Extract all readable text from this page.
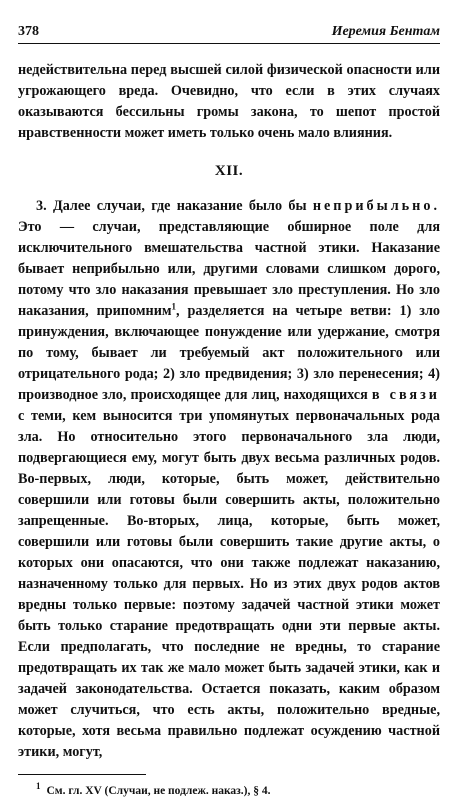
378	Иеремия Бентам

недействительна перед высшей силой физической опасности или угрожающего вреда. Очевидно, что если в этих случаях оказываются бессильны громы закона, то шепот простой нравственности может иметь только очень мало влияния.

XII.

3. Далее случаи, где наказание было бы неприбыльно. Это — случаи, представляющие обширное поле для исключительного вмешательства частной этики. Наказание бывает неприбыльно или, другими словами слишком дорого, потому что зло наказания превышает зло преступления. Но зло наказания, припомним$^1$, разделяется на четыре ветви: 1) зло принуждения, включающее понуждение или удержание, смотря по тому, бывает ли требуемый акт положительного или отрицательного рода; 2) зло предвидения; 3) зло перенесения; 4) производное зло, происходящее для лиц, находящихся в связи с теми, кем выносится три упомянутых первоначальных рода зла. Но относительно этого первоначального зла люди, подвергающиеся ему, могут быть двух весьма различных родов. Во-первых, люди, которые, быть может, действительно совершили или готовы были совершить акты, положительно запрещенные. Во-вторых, лица, которые, быть может, совершили или готовы были совершить такие другие акты, о которых они опасаются, что они также подлежат наказанию, назначенному только для первых. Но из этих двух родов актов вредны только первые: поэтому задачей частной этики может быть только старание предотвращать одни эти первые акты. Если предполагать, что последние не вредны, то старание предотвращать их так же мало может быть задачей этики, как и задачей законодательства. Остается показать, каким образом может случиться, что есть акты, положительно вредные, которые, хотя весьма правильно подлежат осуждению частной этики, могут,

$^1$ См. гл. XV (Случаи, не подлеж. наказ.), § 4.
